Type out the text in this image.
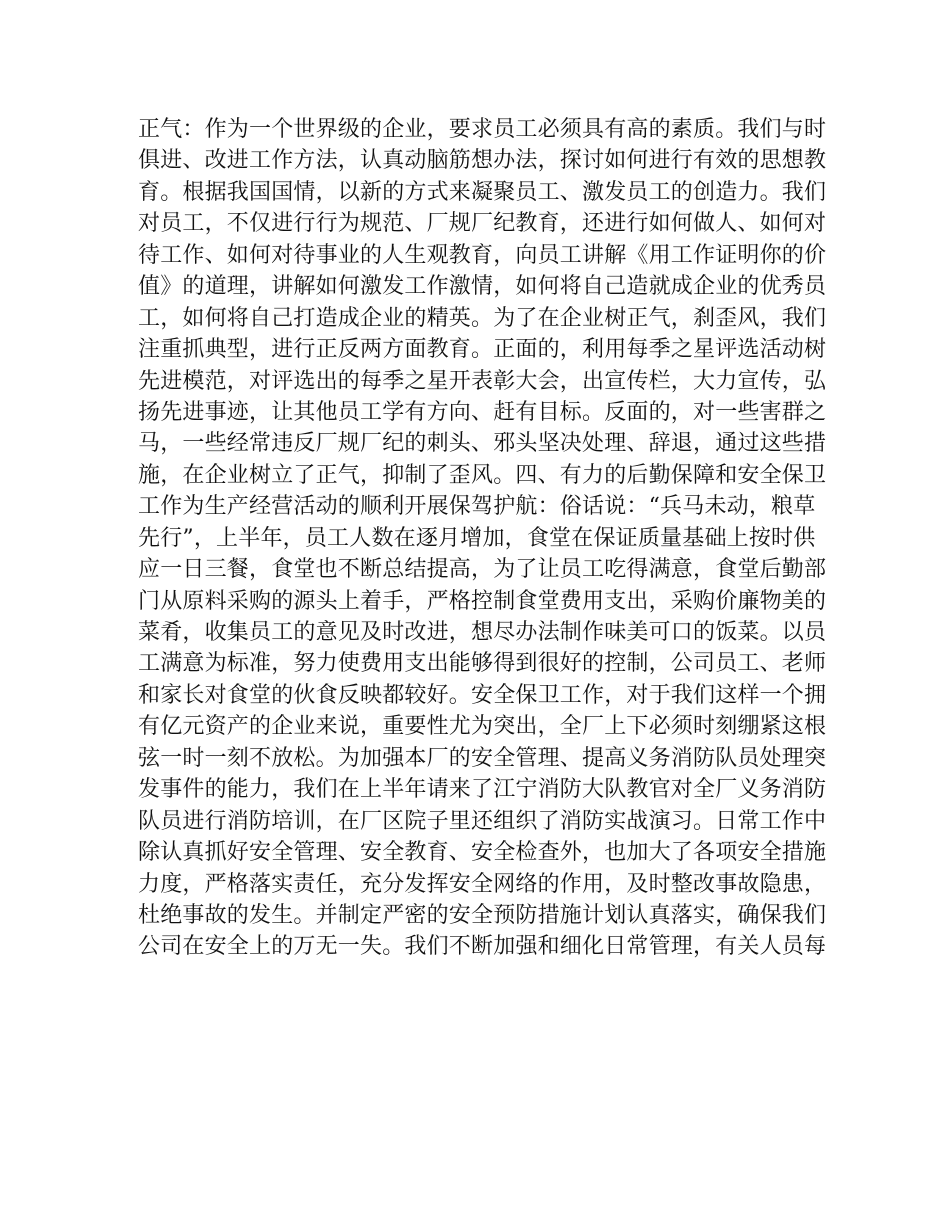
正气：作为一个世界级的企业，要求员工必须具有高的素质。我们与时
俱进、改进工作方法，认真动脑筋想办法，探讨如何进行有效的思想教
育。根据我国国情，以新的方式来凝聚员工、激发员工的创造力。我们
对员工，不仅进行行为规范、厂规厂纪教育，还进行如何做人、如何对
待工作、如何对待事业的人生观教育，向员工讲解《用工作证明你的价
值》的道理，讲解如何激发工作激情，如何将自己造就成企业的优秀员
工，如何将自己打造成企业的精英。为了在企业树正气，刹歪风，我们
注重抓典型，进行正反两方面教育。正面的，利用每季之星评选活动树
先进模范，对评选出的每季之星开表彰大会，出宣传栏，大力宣传，弘
扬先进事迹，让其他员工学有方向、赶有目标。反面的，对一些害群之
马，一些经常违反厂规厂纪的刺头、邪头坚决处理、辞退，通过这些措
施，在企业树立了正气，抑制了歪风。四、有力的后勤保障和安全保卫
工作为生产经营活动的顺利开展保驾护航：俗话说：“兵马未动，粮草
先行”，上半年，员工人数在逐月增加，食堂在保证质量基础上按时供
应一日三餐，食堂也不断总结提高，为了让员工吃得满意，食堂后勤部
门从原料采购的源头上着手，严格控制食堂费用支出，采购价廉物美的
菜肴，收集员工的意见及时改进，想尽办法制作味美可口的饭菜。以员
工满意为标准，努力使费用支出能够得到很好的控制，公司员工、老师
和家长对食堂的伙食反映都较好。安全保卫工作，对于我们这样一个拥
有亿元资产的企业来说，重要性尤为突出，全厂上下必须时刻绷紧这根
弦一时一刻不放松。为加强本厂的安全管理、提高义务消防队员处理突
发事件的能力，我们在上半年请来了江宁消防大队教官对全厂义务消防
队员进行消防培训，在厂区院子里还组织了消防实战演习。日常工作中
除认真抓好安全管理、安全教育、安全检查外，也加大了各项安全措施
力度，严格落实责任，充分发挥安全网络的作用，及时整改事故隐患，
杜绝事故的发生。并制定严密的安全预防措施计划认真落实，确保我们
公司在安全上的万无一失。我们不断加强和细化日常管理，有关人员每
